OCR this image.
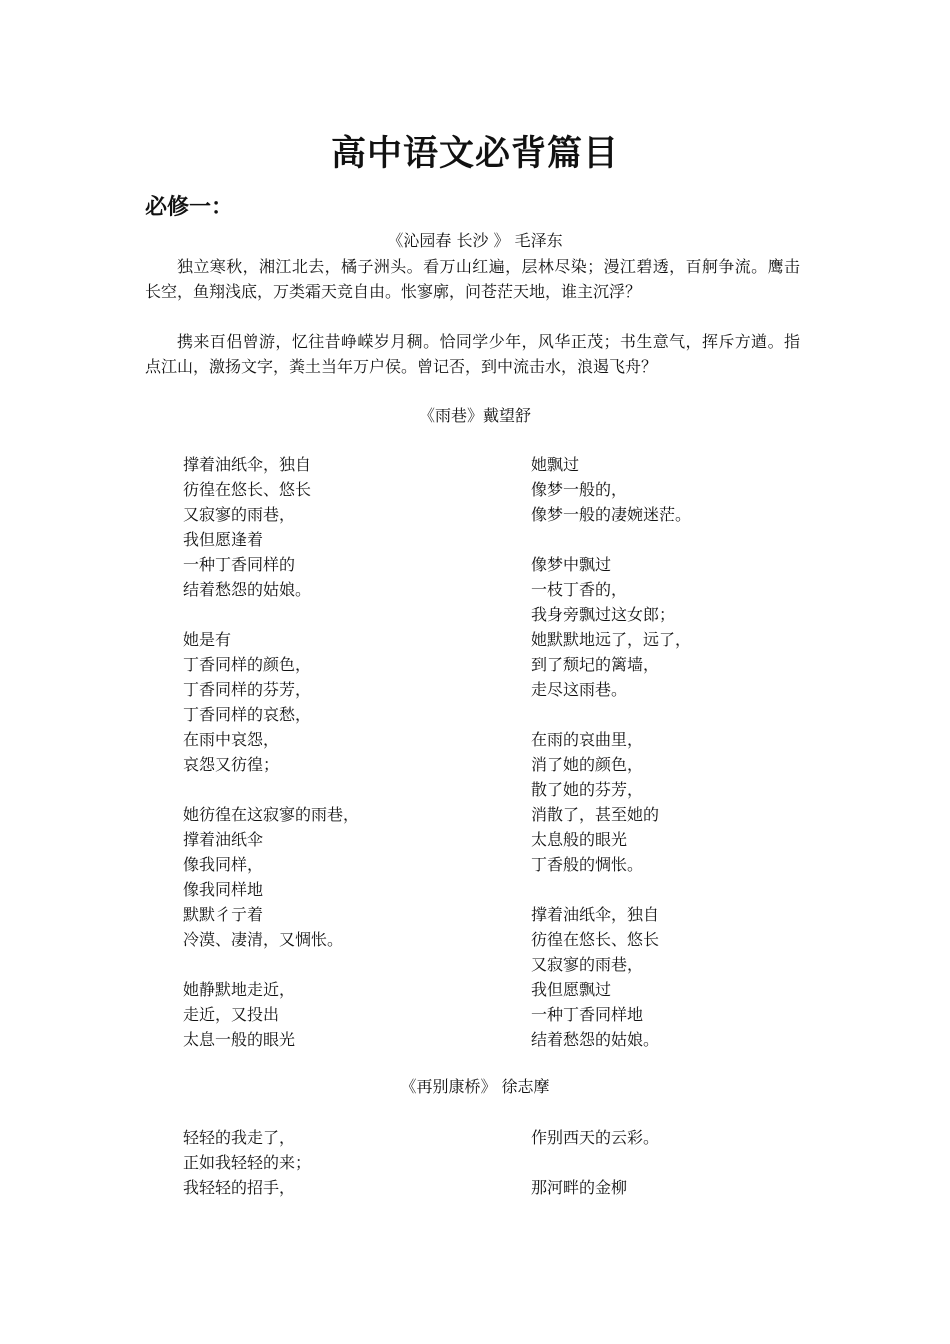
高中语文必背篇目
必修一：
《沁园春 长沙 》 毛泽东

独立寒秋，湘江北去，橘子洲头。看万山红遍，层林尽染；漫江碧透，百舸争流。鹰击长空，鱼翔浅底，万类霜天竞自由。怅寥廓，问苍茫天地，谁主沉浮？

携来百侣曾游，忆往昔峥嵘岁月稠。恰同学少年，风华正茂；书生意气，挥斥方遒。指点江山，激扬文字，粪土当年万户侯。曾记否，到中流击水，浪遏飞舟？

《雨巷》戴望舒
撑着油纸伞，独自
彷徨在悠长、悠长
又寂寥的雨巷，
我但愿逢着
一种丁香同样的
结着愁怨的姑娘。
她是有
丁香同样的颜色，
丁香同样的芬芳，
丁香同样的哀愁，
在雨中哀怨，
哀怨又彷徨；
她彷徨在这寂寥的雨巷，
撑着油纸伞
像我同样，
像我同样地
默默彳亍着
冷漠、凄清，又惆怅。
她静默地走近，
走近，又投出
太息一般的眼光
她飘过
像梦一般的，
像梦一般的凄婉迷茫。
像梦中飘过
一枝丁香的，
我身旁飘过这女郎；
她默默地远了，远了，
到了颓圮的篱墙，
走尽这雨巷。
在雨的哀曲里，
消了她的颜色，
散了她的芬芳，
消散了，甚至她的
太息般的眼光
丁香般的惆怅。
撑着油纸伞，独自
彷徨在悠长、悠长
又寂寥的雨巷，
我但愿飘过
一种丁香同样地
结着愁怨的姑娘。
《再别康桥》 徐志摩
轻轻的我走了，
正如我轻轻的来；
我轻轻的招手，
作别西天的云彩。
那河畔的金柳
